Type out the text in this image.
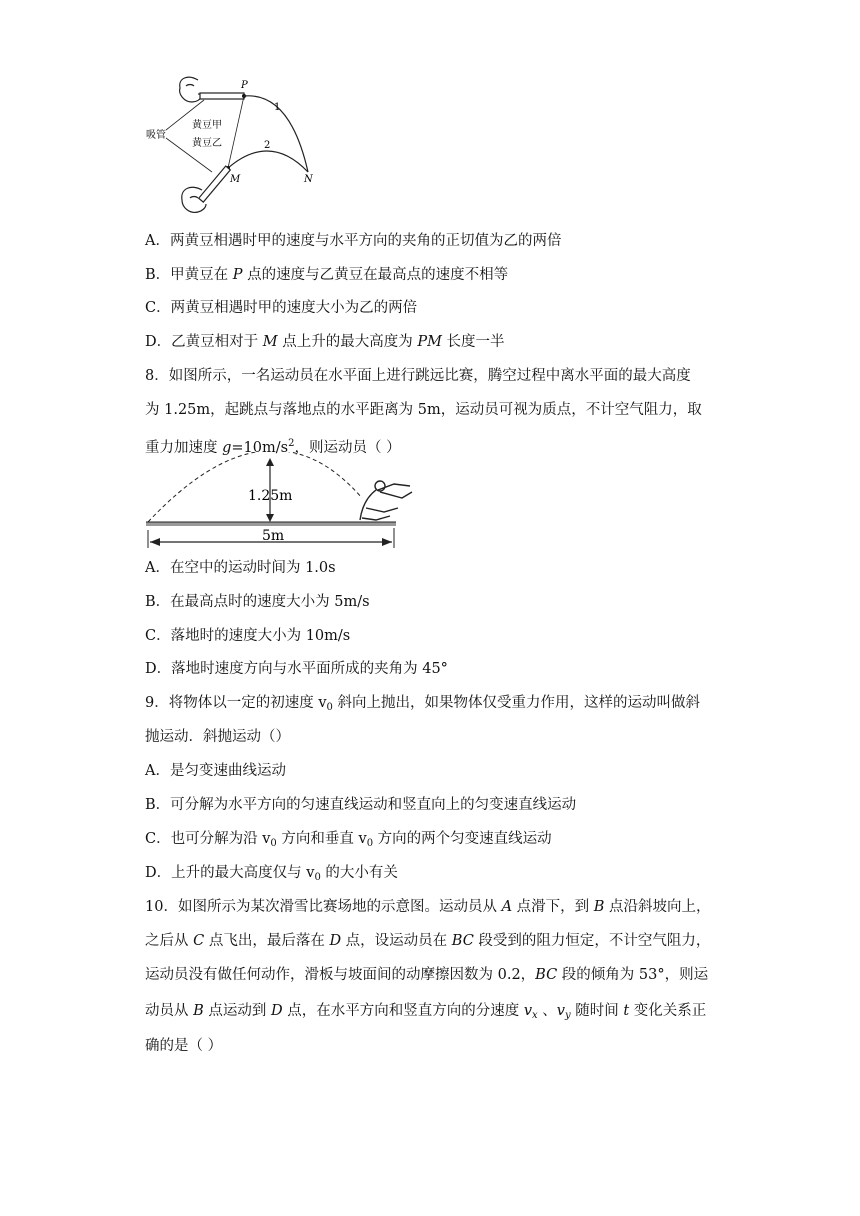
P
1
2
M	N
黄豆甲
黄豆乙
吸管
A．两黄豆相遇时甲的速度与水平方向的夹角的正切值为乙的两倍
B．甲黄豆在 P 点的速度与乙黄豆在最高点的速度不相等
C．两黄豆相遇时甲的速度大小为乙的两倍
D．乙黄豆相对于 M 点上升的最大高度为 PM 长度一半
8．如图所示，一名运动员在水平面上进行跳远比赛，腾空过程中离水平面的最大高度
为 1.25m，起跳点与落地点的水平距离为 5m，运动员可视为质点，不计空气阻力，取
重力加速度 $g=10m/s^2$，则运动员（ ）
1.25m
5m
A．在空中的运动时间为 1.0s
B．在最高点时的速度大小为 5m/s
C．落地时的速度大小为 10m/s
D．落地时速度方向与水平面所成的夹角为 45°
9．将物体以一定的初速度 $v_0$ 斜向上抛出，如果物体仅受重力作用，这样的运动叫做斜
抛运动．斜抛运动（）
A．是匀变速曲线运动
B．可分解为水平方向的匀速直线运动和竖直向上的匀变速直线运动
C．也可分解为沿 $v_0$ 方向和垂直 $v_0$ 方向的两个匀变速直线运动
D．上升的最大高度仅与 $v_0$ 的大小有关
10．如图所示为某次滑雪比赛场地的示意图。运动员从 A 点滑下，到 B 点沿斜坡向上，
之后从 C 点飞出，最后落在 D 点，设运动员在 BC 段受到的阻力恒定，不计空气阻力，
运动员没有做任何动作，滑板与坡面间的动摩擦因数为 0.2，BC 段的倾角为 53°，则运
动员从 B 点运动到 D 点，在水平方向和竖直方向的分速度 $v_x$ 、$v_y$ 随时间 t 变化关系正
确的是（ ）
